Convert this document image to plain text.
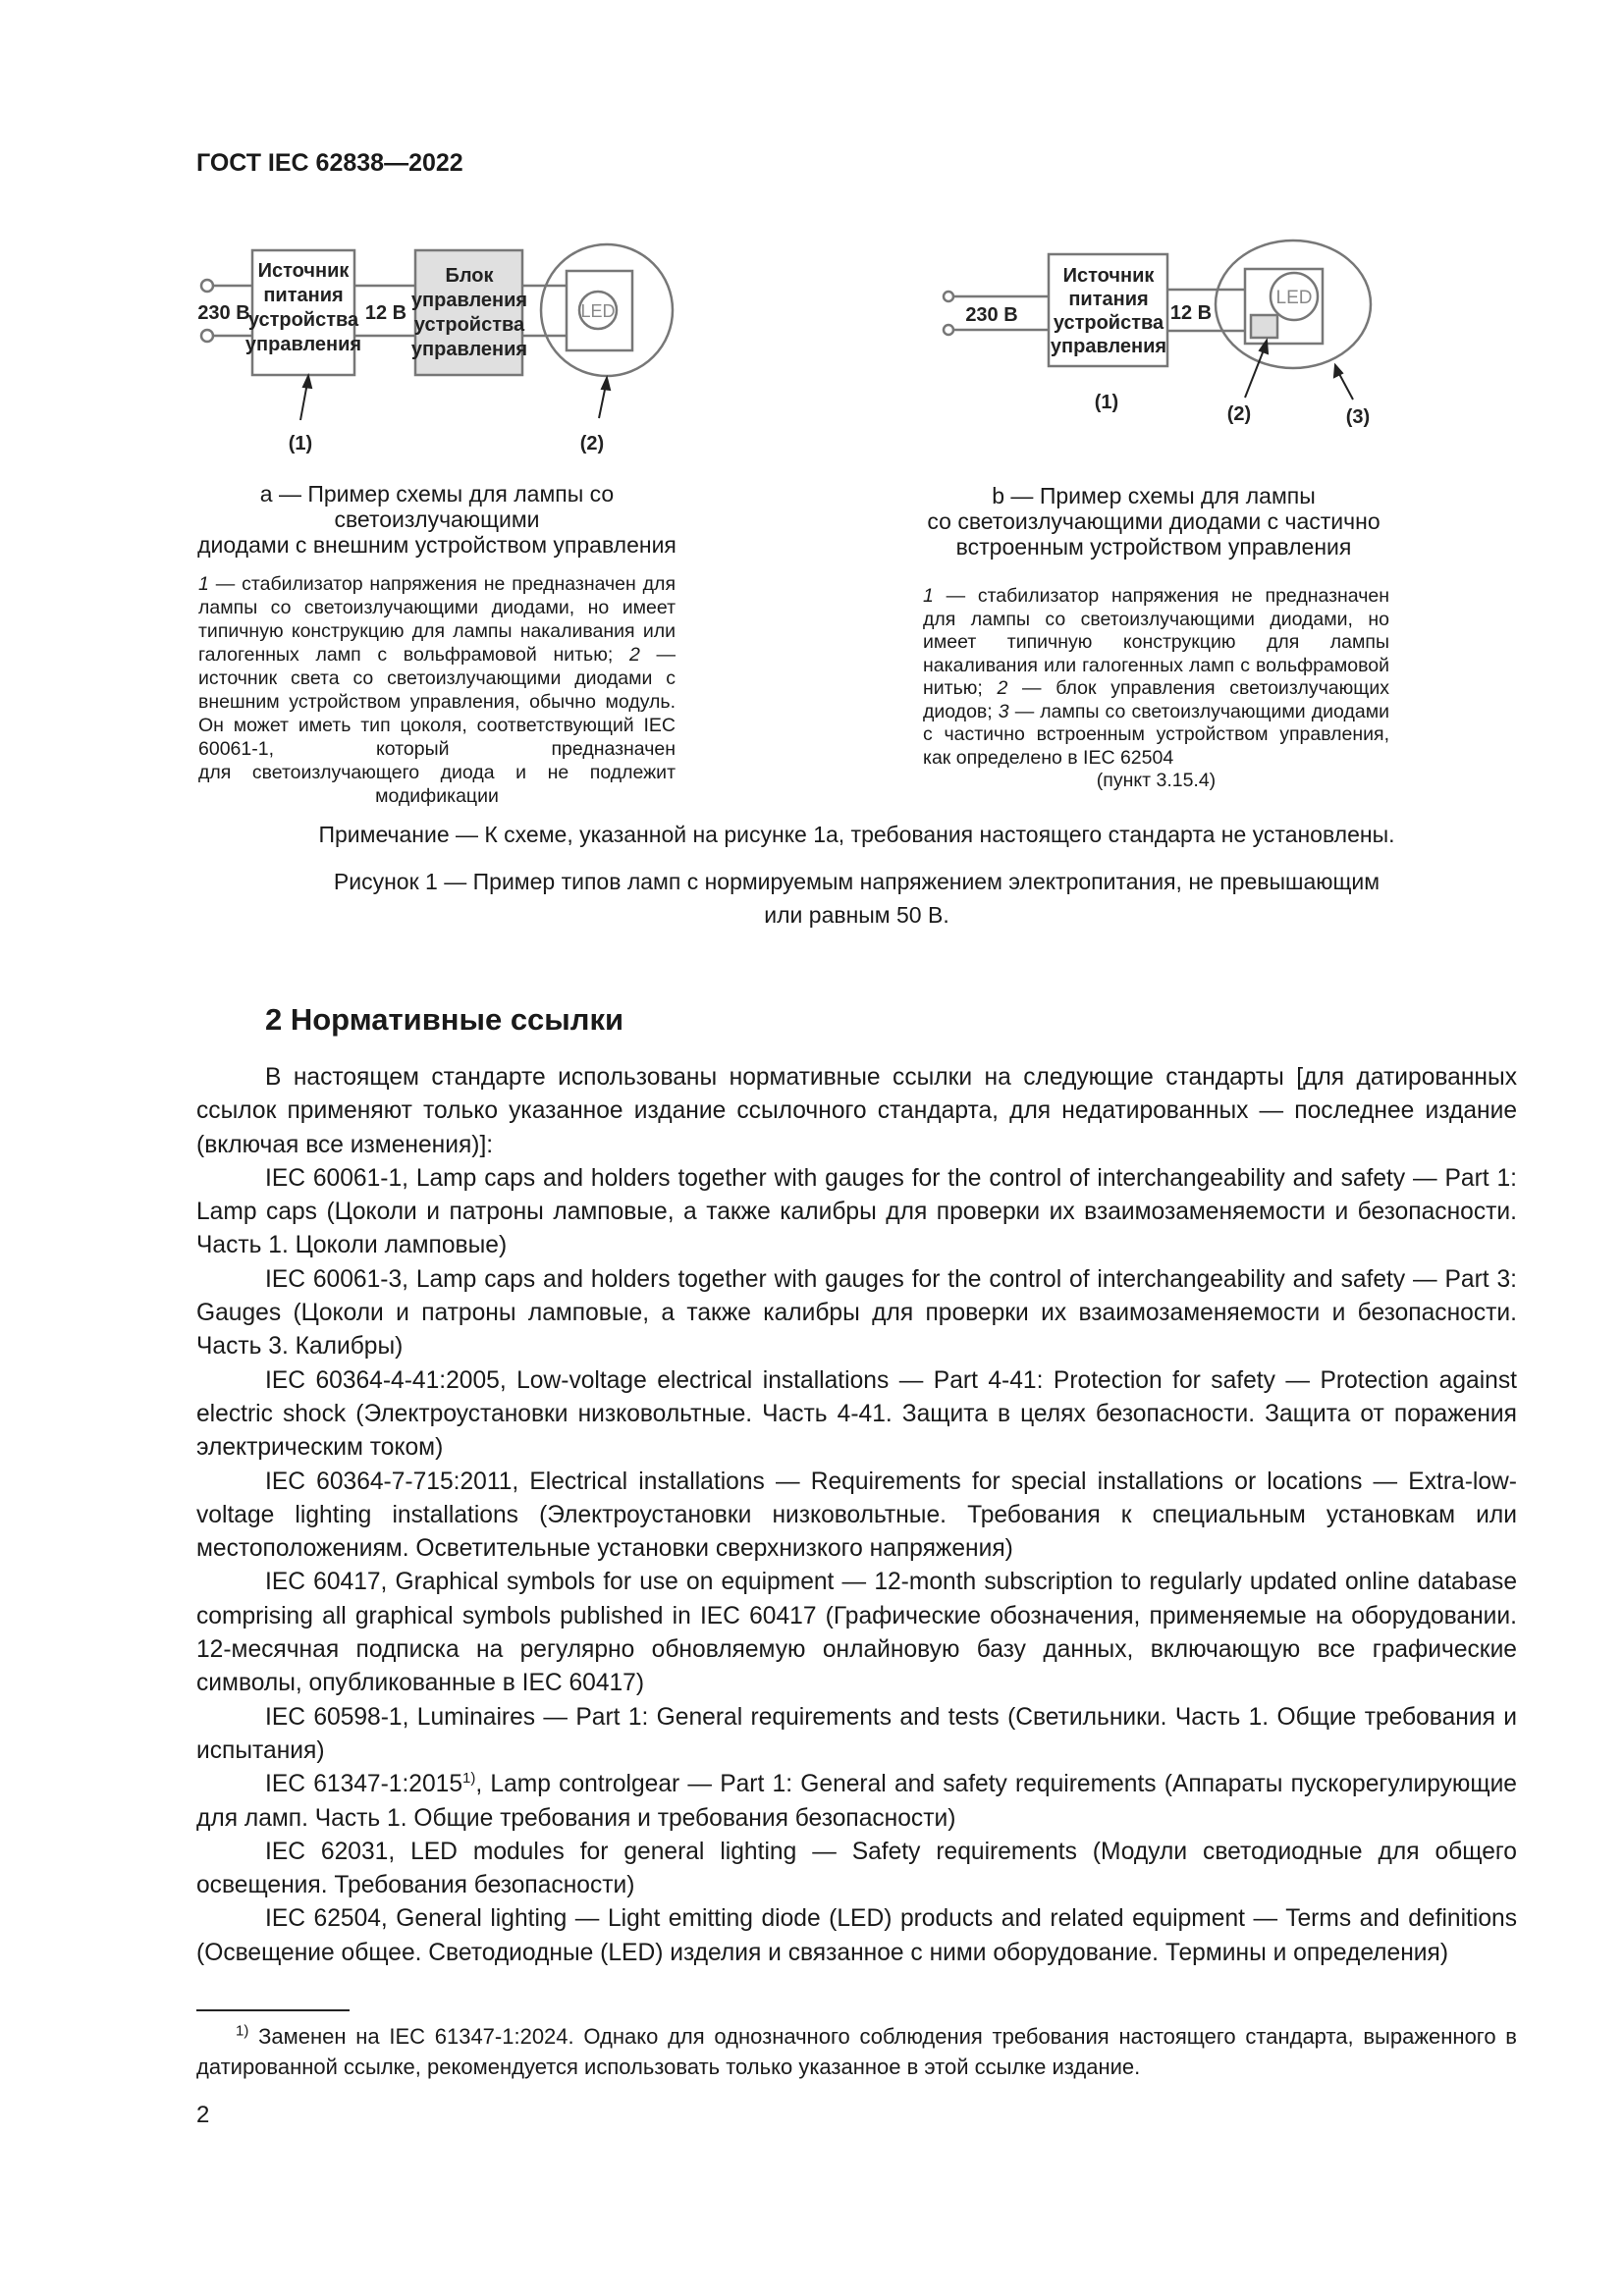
ГОСТ IEC 62838—2022
230 В	12 В
Источник
питания
устройства
управления
Блок
управления
устройства
управления
LED
(1)	(2)
230 В	12 В
Источник
питания
устройства
управления
LED
(1)
(2)	(3)
a — Пример схемы для лампы со светоизлучающими
диодами с внешним устройством управления
b — Пример схемы для лампы
со светоизлучающими диодами с частично
встроенным устройством управления
1 — стабилизатор напряжения не предназначен для лампы со светоизлучающими диодами, но имеет типичную конструкцию для лампы накаливания или галогенных ламп с вольфрамовой нитью; 2 — источник света со светоизлучающими диодами с внешним устройством управления, обычно модуль. Он может иметь тип цоколя, соответствующий IEC 60061-1, который предназначен
для светоизлучающего диода и не подлежит модификации
1 — стабилизатор напряжения не предназначен для лампы со светоизлучающими диодами, но имеет типичную конструкцию для лампы накаливания или галогенных ламп с вольфрамовой нитью; 2 — блок управления светоизлучающих диодов; 3 — лампы со светоизлучающими диодами с частично встроенным устройством управления, как определено в IEC 62504
(пункт 3.15.4)
Примечание — К схеме, указанной на рисунке 1a, требования настоящего стандарта не установлены.
Рисунок 1 — Пример типов ламп с нормируемым напряжением электропитания, не превышающим
или равным 50 В.
2 Нормативные ссылки

В настоящем стандарте использованы нормативные ссылки на следующие стандарты [для датированных ссылок применяют только указанное издание ссылочного стандарта, для недатированных — последнее издание (включая все изменения)]:

IEC 60061-1, Lamp caps and holders together with gauges for the control of interchangeability and safety — Part 1: Lamp caps (Цоколи и патроны ламповые, а также калибры для проверки их взаимозаменяемости и безопасности. Часть 1. Цоколи ламповые)

IEC 60061-3, Lamp caps and holders together with gauges for the control of interchangeability and safety — Part 3: Gauges (Цоколи и патроны ламповые, а также калибры для проверки их взаимозаменяемости и безопасности. Часть 3. Калибры)

IEC 60364-4-41:2005, Low-voltage electrical installations — Part 4-41: Protection for safety — Protection against electric shock (Электроустановки низковольтные. Часть 4-41. Защита в целях безопасности. Защита от поражения электрическим током)

IEC 60364-7-715:2011, Electrical installations — Requirements for special installations or locations — Extra-low-voltage lighting installations (Электроустановки низковольтные. Требования к специальным установкам или местоположениям. Осветительные установки сверхнизкого напряжения)

IEC 60417, Graphical symbols for use on equipment — 12-month subscription to regularly updated online database comprising all graphical symbols published in IEC 60417 (Графические обозначения, применяемые на оборудовании. 12-месячная подписка на регулярно обновляемую онлайновую базу данных, включающую все графические символы, опубликованные в IEC 60417)

IEC 60598-1, Luminaires — Part 1: General requirements and tests (Светильники. Часть 1. Общие требования и испытания)

IEC 61347-1:2015$^{1)}$, Lamp controlgear — Part 1: General and safety requirements (Аппараты пускорегулирующие для ламп. Часть 1. Общие требования и требования безопасности)

IEC 62031, LED modules for general lighting — Safety requirements (Модули светодиодные для общего освещения. Требования безопасности)

IEC 62504, General lighting — Light emitting diode (LED) products and related equipment — Terms and definitions (Освещение общее. Светодиодные (LED) изделия и связанное с ними оборудование. Термины и определения)

$^{1)}$ Заменен на IEC 61347-1:2024. Однако для однозначного соблюдения требования настоящего стандарта, выраженного в датированной ссылке, рекомендуется использовать только указанное в этой ссылке издание.
2
